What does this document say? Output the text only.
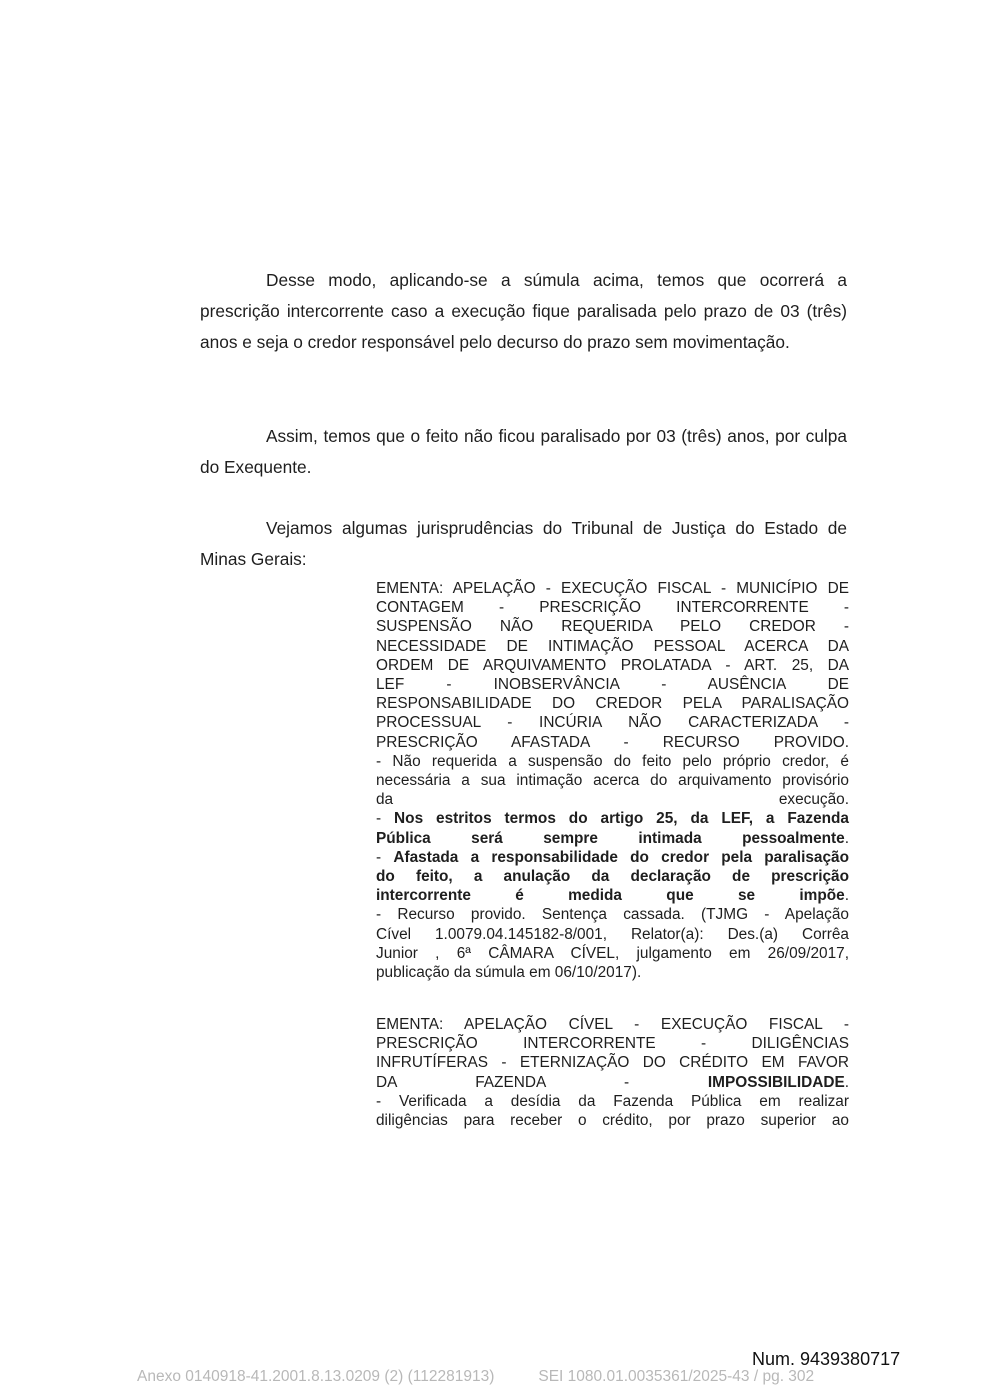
Desse modo, aplicando-se a súmula acima, temos que ocorrerá a prescrição intercorrente caso a execução fique paralisada pelo prazo de 03 (três) anos e seja o credor responsável pelo decurso do prazo sem movimentação.

Assim, temos que o feito não ficou paralisado por 03 (três) anos, por culpa do Exequente.

Vejamos algumas jurisprudências do Tribunal de Justiça do Estado de Minas Gerais:

EMENTA: APELAÇÃO - EXECUÇÃO FISCAL - MUNICÍPIO DE
CONTAGEM - PRESCRIÇÃO INTERCORRENTE -
SUSPENSÃO NÃO REQUERIDA PELO CREDOR -
NECESSIDADE DE INTIMAÇÃO PESSOAL ACERCA DA
ORDEM DE ARQUIVAMENTO PROLATADA - ART. 25, DA
LEF - INOBSERVÂNCIA - AUSÊNCIA DE
RESPONSABILIDADE DO CREDOR PELA PARALISAÇÃO
PROCESSUAL - INCÚRIA NÃO CARACTERIZADA -
PRESCRIÇÃO AFASTADA - RECURSO PROVIDO.
- Não requerida a suspensão do feito pelo próprio credor, é
necessária a sua intimação acerca do arquivamento provisório
da execução.
- Nos estritos termos do artigo 25, da LEF, a Fazenda
Pública será sempre intimada pessoalmente.
- Afastada a responsabilidade do credor pela paralisação
do feito, a anulação da declaração de prescrição
intercorrente é medida que se impõe.
- Recurso provido. Sentença cassada. (TJMG - Apelação
Cível 1.0079.04.145182-8/001, Relator(a): Des.(a) Corrêa
Junior , 6ª CÂMARA CÍVEL, julgamento em 26/09/2017,
publicação da súmula em 06/10/2017).
EMENTA: APELAÇÃO CÍVEL - EXECUÇÃO FISCAL -
PRESCRIÇÃO INTERCORRENTE - DILIGÊNCIAS
INFRUTÍFERAS - ETERNIZAÇÃO DO CRÉDITO EM FAVOR
DA FAZENDA - IMPOSSIBILIDADE.
- Verificada a desídia da Fazenda Pública em realizar
diligências para receber o crédito, por prazo superior ao
Num. 9439380717
Anexo 0140918-41.2001.8.13.0209 (2) (112281913)	SEI 1080.01.0035361/2025-43 / pg. 302
